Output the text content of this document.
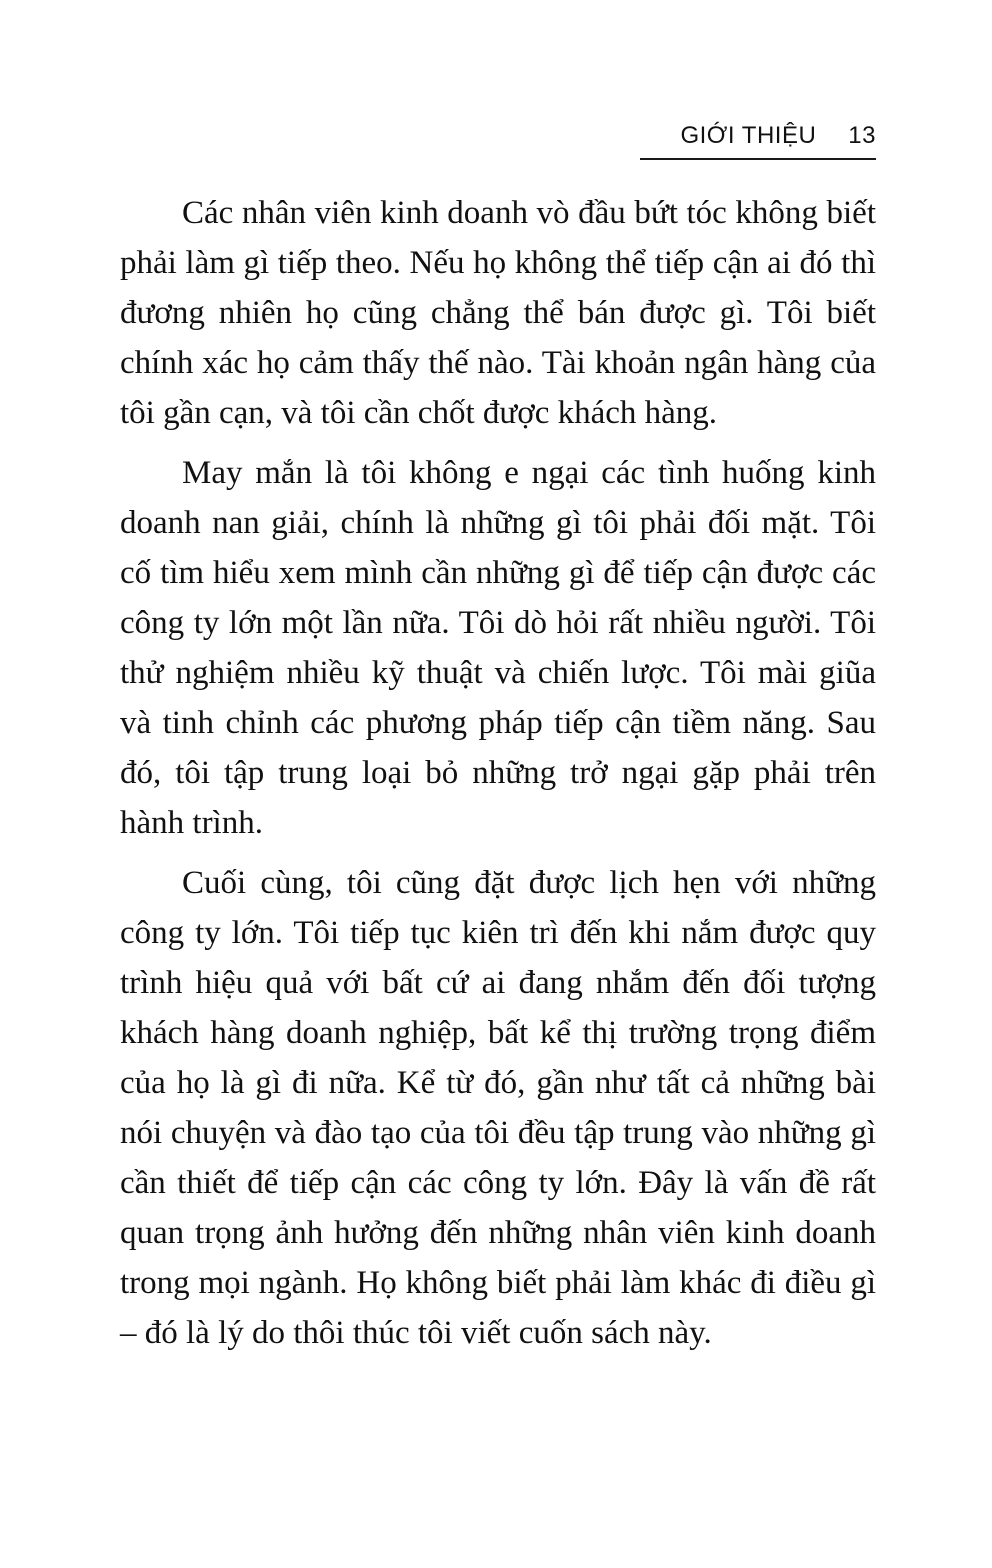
GIỚI THIỆU 13

Các nhân viên kinh doanh vò đầu bứt tóc không biết phải làm gì tiếp theo. Nếu họ không thể tiếp cận ai đó thì đương nhiên họ cũng chẳng thể bán được gì. Tôi biết chính xác họ cảm thấy thế nào. Tài khoản ngân hàng của tôi gần cạn, và tôi cần chốt được khách hàng.

May mắn là tôi không e ngại các tình huống kinh doanh nan giải, chính là những gì tôi phải đối mặt. Tôi cố tìm hiểu xem mình cần những gì để tiếp cận được các công ty lớn một lần nữa. Tôi dò hỏi rất nhiều người. Tôi thử nghiệm nhiều kỹ thuật và chiến lược. Tôi mài giũa và tinh chỉnh các phương pháp tiếp cận tiềm năng. Sau đó, tôi tập trung loại bỏ những trở ngại gặp phải trên hành trình.

Cuối cùng, tôi cũng đặt được lịch hẹn với những công ty lớn. Tôi tiếp tục kiên trì đến khi nắm được quy trình hiệu quả với bất cứ ai đang nhắm đến đối tượng khách hàng doanh nghiệp, bất kể thị trường trọng điểm của họ là gì đi nữa. Kể từ đó, gần như tất cả những bài nói chuyện và đào tạo của tôi đều tập trung vào những gì cần thiết để tiếp cận các công ty lớn. Đây là vấn đề rất quan trọng ảnh hưởng đến những nhân viên kinh doanh trong mọi ngành. Họ không biết phải làm khác đi điều gì – đó là lý do thôi thúc tôi viết cuốn sách này.
